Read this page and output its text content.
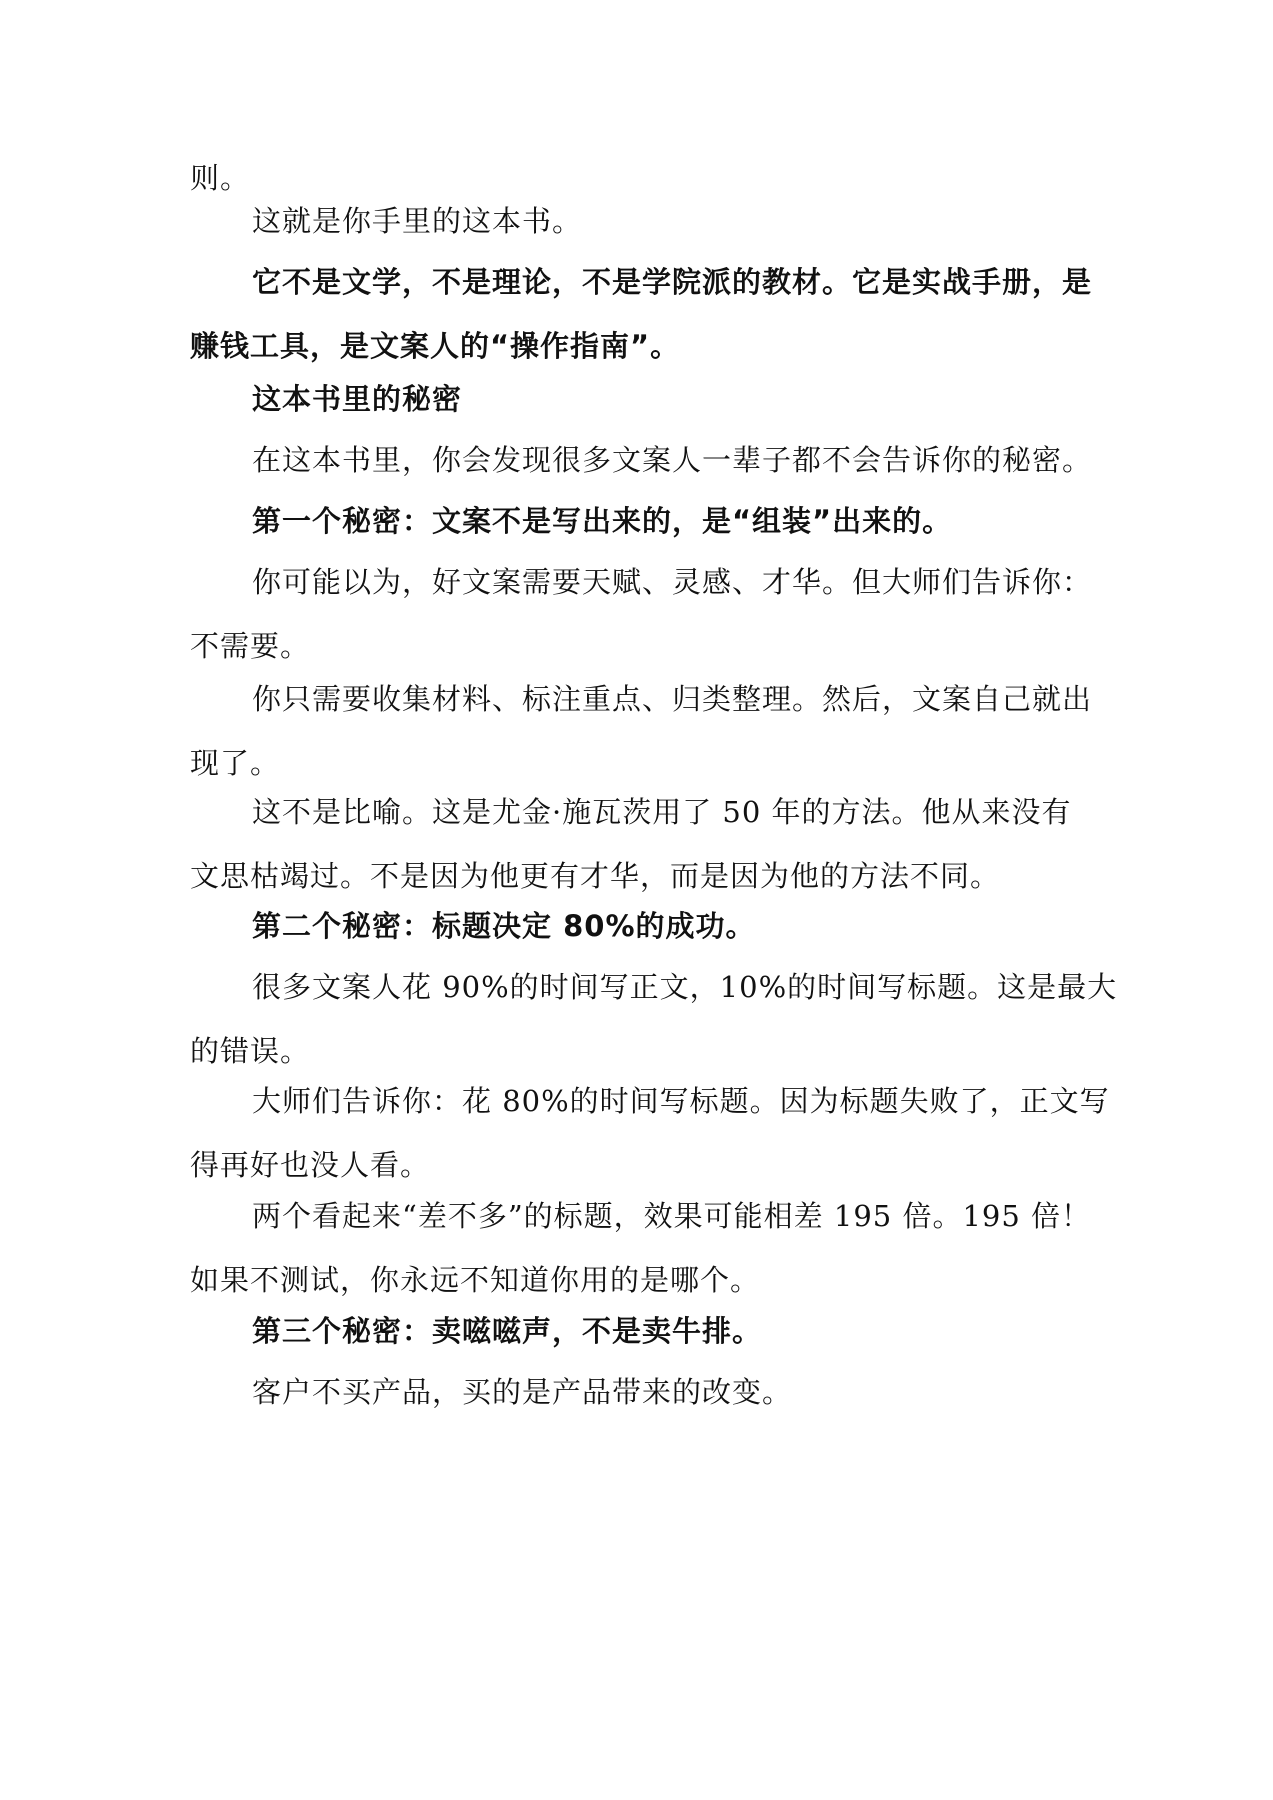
则。

这就是你手里的这本书。

它不是文学，不是理论，不是学院派的教材。它是实战手册，是
赚钱工具，是文案人的“操作指南”。

这本书里的秘密

在这本书里，你会发现很多文案人一辈子都不会告诉你的秘密。

第一个秘密：文案不是写出来的，是“组装”出来的。

你可能以为，好文案需要天赋、灵感、才华。但大师们告诉你：
不需要。

你只需要收集材料、标注重点、归类整理。然后，文案自己就出
现了。

这不是比喻。这是尤金·施瓦茨用了 50 年的方法。他从来没有
文思枯竭过。不是因为他更有才华，而是因为他的方法不同。

第二个秘密：标题决定 80%的成功。

很多文案人花 90%的时间写正文，10%的时间写标题。这是最大
的错误。

大师们告诉你：花 80%的时间写标题。因为标题失败了，正文写
得再好也没人看。

两个看起来“差不多”的标题，效果可能相差 195 倍。195 倍！
如果不测试，你永远不知道你用的是哪个。

第三个秘密：卖嗞嗞声，不是卖牛排。

客户不买产品，买的是产品带来的改变。
